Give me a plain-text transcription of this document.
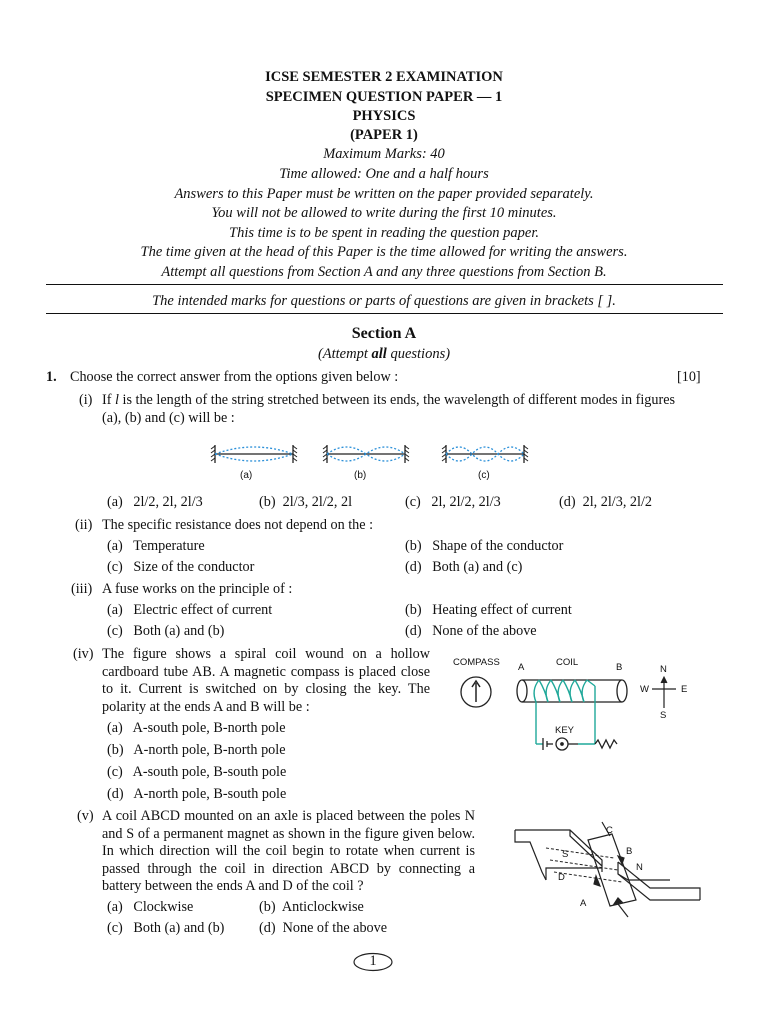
ICSE SEMESTER 2 EXAMINATION
SPECIMEN QUESTION PAPER — 1
PHYSICS
(PAPER 1)
Maximum Marks: 40
Time allowed: One and a half hours
Answers to this Paper must be written on the paper provided separately.
You will not be allowed to write during the first 10 minutes.
This time is to be spent in reading the question paper.
The time given at the head of this Paper is the time allowed for writing the answers.
Attempt all questions from Section A and any three questions from Section B.
The intended marks for questions or parts of questions are given in brackets [ ].
Section A
(Attempt all questions)
1. Choose the correct answer from the options given below :	[10]
(i) If l is the length of the string stretched between its ends, the wavelength of different modes in figures
(a), (b) and (c) will be :
(a)	(b)	(c)
(a) 2l/2, 2l, 2l/3	(b) 2l/3, 2l/2, 2l	(c) 2l, 2l/2, 2l/3	(d) 2l, 2l/3, 2l/2
(ii) The specific resistance does not depend on the :
(a) Temperature	(b) Shape of the conductor
(c) Size of the conductor	(d) Both (a) and (c)
(iii) A fuse works on the principle of :
(a) Electric effect of current	(b) Heating effect of current
(c) Both (a) and (b)	(d) None of the above
(iv) The figure shows a spiral coil wound on a hollow cardboard tube AB. A magnetic compass is placed close to it. Current is switched on by closing the key. The polarity at the ends A and B will be :
(a) A-south pole, B-north pole
(b) A-north pole, B-north pole
(c) A-south pole, B-south pole
(d) A-north pole, B-south pole
COMPASS A	COIL	B
KEY
N
W	E
S
(v) A coil ABCD mounted on an axle is placed between the poles N and S of a permanent magnet as shown in the figure given below. In which direction will the coil begin to rotate when current is passed through the coil in direction ABCD by connecting a battery between the ends A and D of the coil ?
(a) Clockwise	(b) Anticlockwise
(c) Both (a) and (b) (d) None of the above
S
N
C
B
D
A
1
